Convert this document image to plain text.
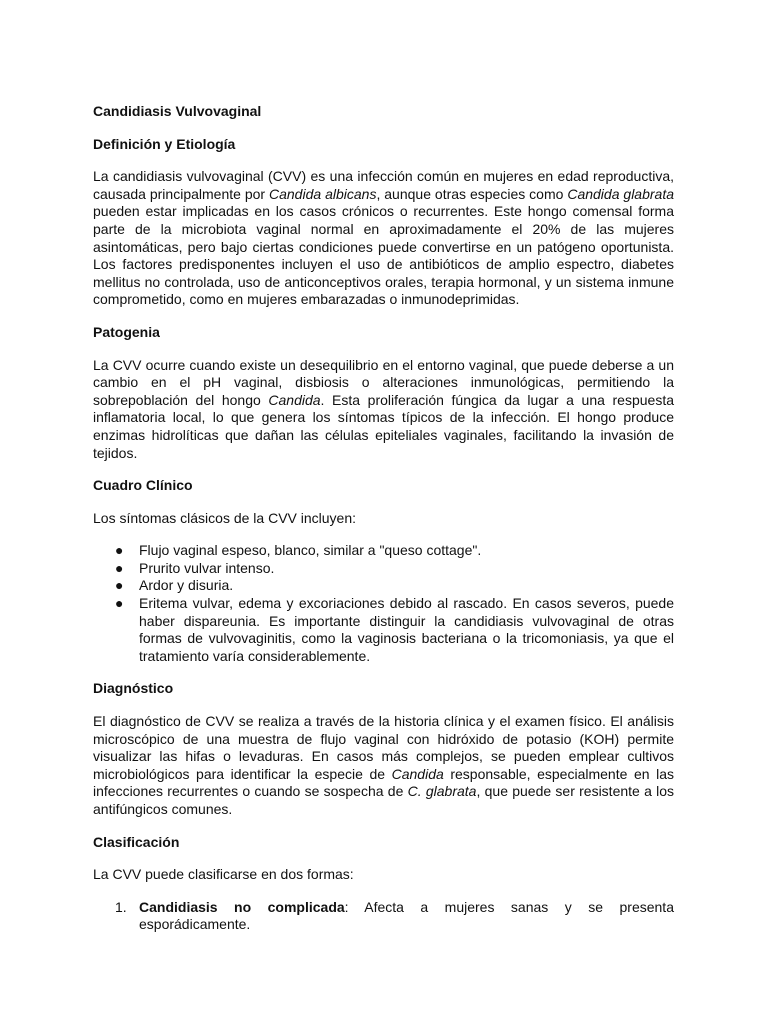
Candidiasis Vulvovaginal

Definición y Etiología

La candidiasis vulvovaginal (CVV) es una infección común en mujeres en edad reproductiva, causada principalmente por Candida albicans, aunque otras especies como Candida glabrata pueden estar implicadas en los casos crónicos o recurrentes. Este hongo comensal forma parte de la microbiota vaginal normal en aproximadamente el 20% de las mujeres asintomáticas, pero bajo ciertas condiciones puede convertirse en un patógeno oportunista. Los factores predisponentes incluyen el uso de antibióticos de amplio espectro, diabetes mellitus no controlada, uso de anticonceptivos orales, terapia hormonal, y un sistema inmune comprometido, como en mujeres embarazadas o inmunodeprimidas.

Patogenia

La CVV ocurre cuando existe un desequilibrio en el entorno vaginal, que puede deberse a un cambio en el pH vaginal, disbiosis o alteraciones inmunológicas, permitiendo la sobrepoblación del hongo Candida. Esta proliferación fúngica da lugar a una respuesta inflamatoria local, lo que genera los síntomas típicos de la infección. El hongo produce enzimas hidrolíticas que dañan las células epiteliales vaginales, facilitando la invasión de tejidos.

Cuadro Clínico

Los síntomas clásicos de la CVV incluyen:

● Flujo vaginal espeso, blanco, similar a "queso cottage".
● Prurito vulvar intenso.
● Ardor y disuria.
● Eritema vulvar, edema y excoriaciones debido al rascado. En casos severos, puede haber dispareunia. Es importante distinguir la candidiasis vulvovaginal de otras formas de vulvovaginitis, como la vaginosis bacteriana o la tricomoniasis, ya que el tratamiento varía considerablemente.

Diagnóstico

El diagnóstico de CVV se realiza a través de la historia clínica y el examen físico. El análisis microscópico de una muestra de flujo vaginal con hidróxido de potasio (KOH) permite visualizar las hifas o levaduras. En casos más complejos, se pueden emplear cultivos microbiológicos para identificar la especie de Candida responsable, especialmente en las infecciones recurrentes o cuando se sospecha de C. glabrata, que puede ser resistente a los antifúngicos comunes.

Clasificación

La CVV puede clasificarse en dos formas:

1. Candidiasis no complicada: Afecta a mujeres sanas y se presenta esporádicamente.
